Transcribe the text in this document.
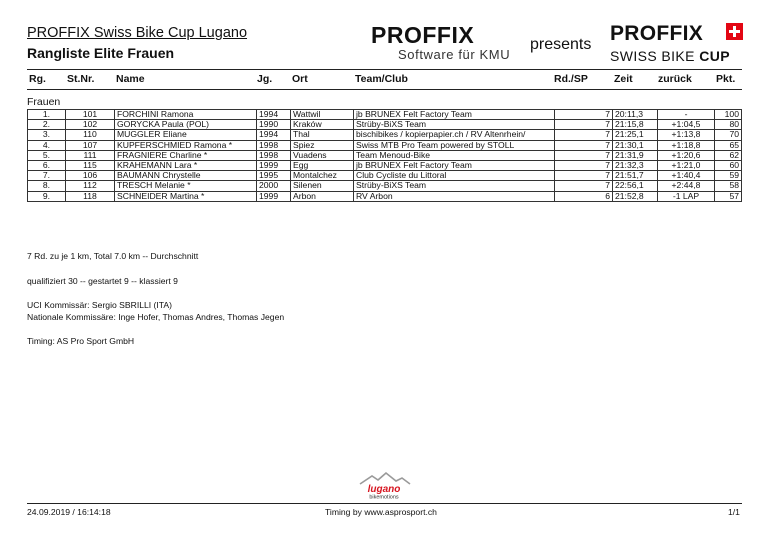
PROFFIX Swiss Bike Cup Lugano
Rangliste Elite Frauen
PROFFIX
Software für KMU
presents PROFFIX
SWISS BIKE CUP
Rg. St.Nr. Name	Jg. Ort	Team/Club	Rd./SP Zeit zurück Pkt.
Frauen
1.	101	FORCHINI Ramona	1994	Wattwil	jb BRUNEX Felt Factory Team	7	20:11,3	-	100
2.	102	GORYCKA Paula (POL)	1990	Kraków	Strüby-BiXS Team	7	21:15,8	+1:04,5	80
3.	110	MUGGLER Eliane	1994	Thal	bischibikes / kopierpapier.ch / RV Altenrhein/	7	21:25,1	+1:13,8	70
4.	107	KUPFERSCHMIED Ramona *	1998	Spiez	Swiss MTB Pro Team powered by STOLL	7	21:30,1	+1:18,8	65
5.	111	FRAGNIERE Charline *	1998	Vuadens	Team Menoud-Bike	7	21:31,9	+1:20,6	62
6.	115	KRAHEMANN Lara *	1999	Egg	jb BRUNEX Felt Factory Team	7	21:32,3	+1:21,0	60
7.	106	BAUMANN Chrystelle	1995	Montalchez	Club Cycliste du Littoral	7	21:51,7	+1:40,4	59
8.	112	TRESCH Melanie *	2000	Silenen	Strüby-BiXS Team	7	22:56,1	+2:44,8	58
9.	118	SCHNEIDER Martina *	1999	Arbon	RV Arbon	6	21:52,8	-1 LAP	57
7 Rd. zu je 1 km, Total 7.0 km -- Durchschnitt
qualifiziert 30 -- gestartet 9 -- klassiert 9
UCI Kommissär: Sergio SBRILLI (ITA)
Nationale Kommissäre: Inge Hofer, Thomas Andres, Thomas Jegen
Timing: AS Pro Sport GmbH
lugano
bikemotions
24.09.2019 / 16:14:18	Timing by www.asprosport.ch	1/1
